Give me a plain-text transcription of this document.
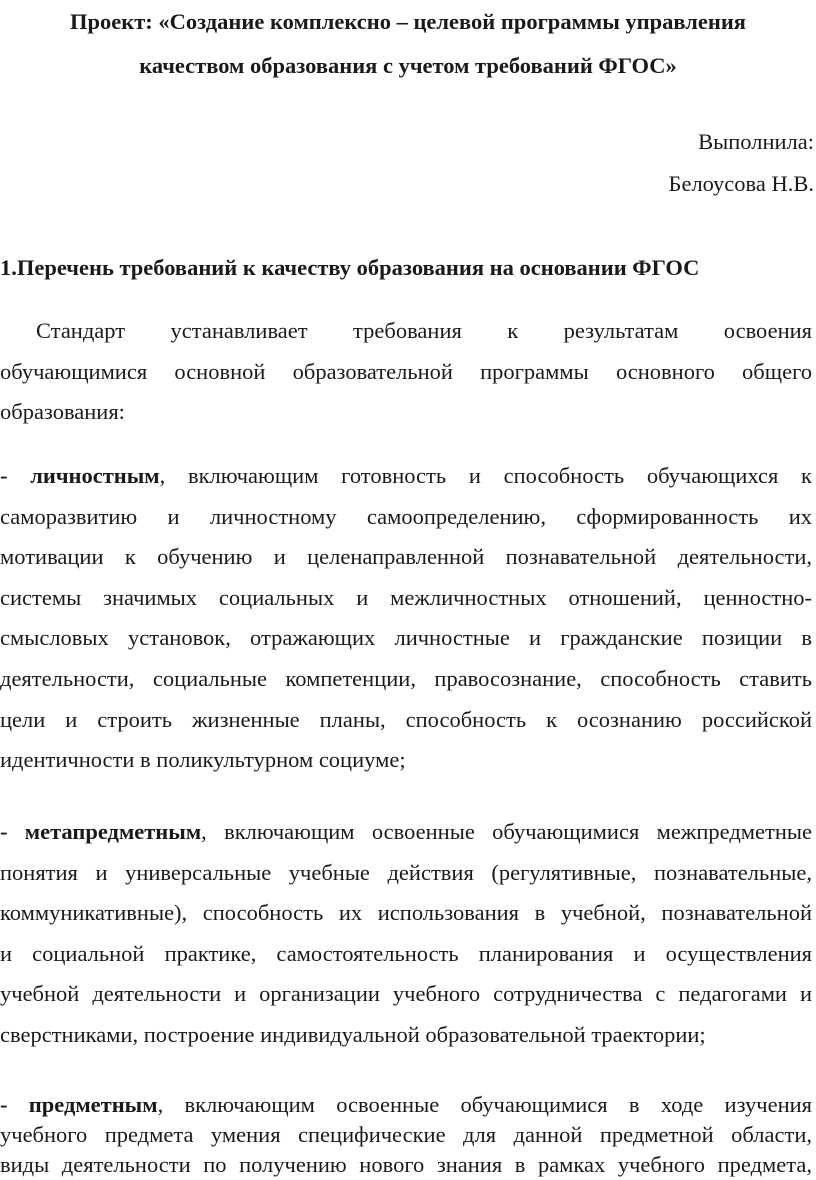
Проект: «Создание комплексно – целевой программы управления
качеством образования с учетом требований ФГОС»
Выполнила:
Белоусова Н.В.
1.Перечень требований к качеству образования на основании ФГОС
Стандарт устанавливает требования к результатам освоения
обучающимися основной образовательной программы основного общего
образования:
- личностным, включающим готовность и способность обучающихся к
саморазвитию и личностному самоопределению, сформированность их
мотивации к обучению и целенаправленной познавательной деятельности,
системы значимых социальных и межличностных отношений, ценностно-
смысловых установок, отражающих личностные и гражданские позиции в
деятельности, социальные компетенции, правосознание, способность ставить
цели и строить жизненные планы, способность к осознанию российской
идентичности в поликультурном социуме;
- метапредметным, включающим освоенные обучающимися межпредметные
понятия и универсальные учебные действия (регулятивные, познавательные,
коммуникативные), способность их использования в учебной, познавательной
и социальной практике, самостоятельность планирования и осуществления
учебной деятельности и организации учебного сотрудничества с педагогами и
сверстниками, построение индивидуальной образовательной траектории;
- предметным, включающим освоенные обучающимися в ходе изучения
учебного предмета умения специфические для данной предметной области,
виды деятельности по получению нового знания в рамках учебного предмета,
